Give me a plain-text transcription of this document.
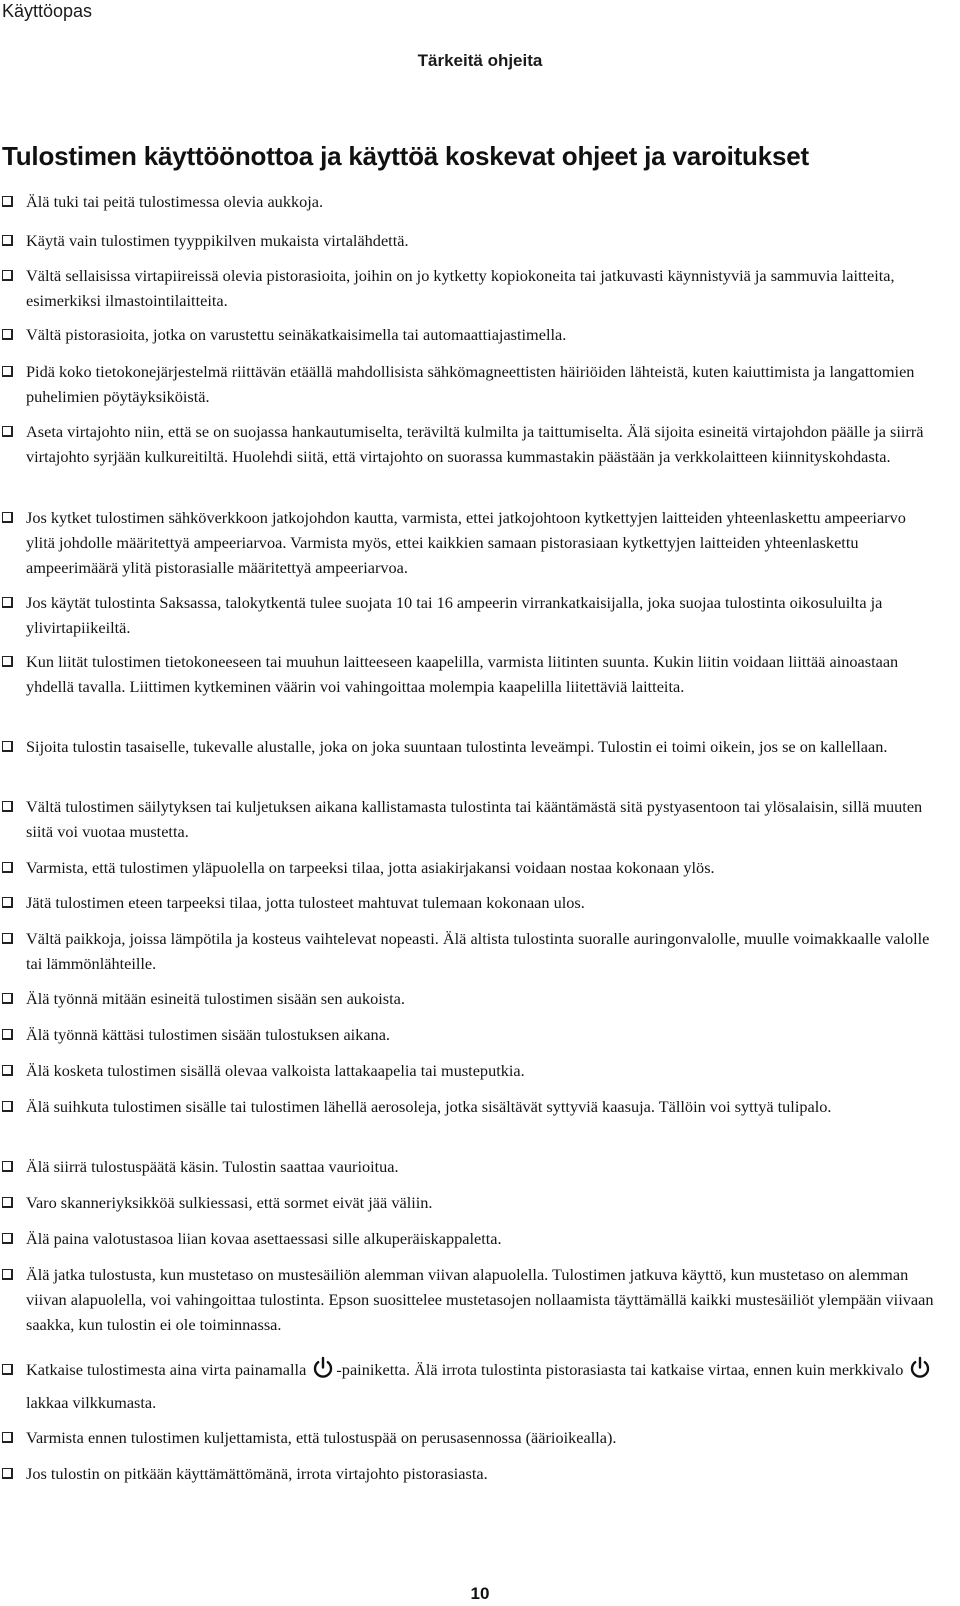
Käyttöopas
Tärkeitä ohjeita
Tulostimen käyttöönottoa ja käyttöä koskevat ohjeet ja varoitukset
Älä tuki tai peitä tulostimessa olevia aukkoja.
Käytä vain tulostimen tyyppikilven mukaista virtalähdettä.
Vältä sellaisissa virtapiireissä olevia pistorasioita, joihin on jo kytketty kopiokoneita tai jatkuvasti käynnistyviä ja sammuvia laitteita, esimerkiksi ilmastointilaitteita.
Vältä pistorasioita, jotka on varustettu seinäkatkaisimella tai automaattiajastimella.
Pidä koko tietokonejärjestelmä riittävän etäällä mahdollisista sähkömagneettisten häiriöiden lähteistä, kuten kaiuttimista ja langattomien puhelimien pöytäyksiköistä.
Aseta virtajohto niin, että se on suojassa hankautumiselta, teräviltä kulmilta ja taittumiselta. Älä sijoita esineitä virtajohdon päälle ja siirrä virtajohto syrjään kulkureitiltä. Huolehdi siitä, että virtajohto on suorassa kummastakin päästään ja verkkolaitteen kiinnityskohdasta.
Jos kytket tulostimen sähköverkkoon jatkojohdon kautta, varmista, ettei jatkojohtoon kytkettyjen laitteiden yhteenlaskettu ampeeriarvo ylitä johdolle määritettyä ampeeriarvoa. Varmista myös, ettei kaikkien samaan pistorasiaan kytkettyjen laitteiden yhteenlaskettu ampeerimäärä ylitä pistorasialle määritettyä ampeeriarvoa.
Jos käytät tulostinta Saksassa, talokytkentä tulee suojata 10 tai 16 ampeerin virrankatkaisijalla, joka suojaa tulostinta oikosuluilta ja ylivirtapiikeiltä.
Kun liität tulostimen tietokoneeseen tai muuhun laitteeseen kaapelilla, varmista liitinten suunta. Kukin liitin voidaan liittää ainoastaan yhdellä tavalla. Liittimen kytkeminen väärin voi vahingoittaa molempia kaapelilla liitettäviä laitteita.
Sijoita tulostin tasaiselle, tukevalle alustalle, joka on joka suuntaan tulostinta leveämpi. Tulostin ei toimi oikein, jos se on kallellaan.
Vältä tulostimen säilytyksen tai kuljetuksen aikana kallistamasta tulostinta tai kääntämästä sitä pystyasentoon tai ylösalaisin, sillä muuten siitä voi vuotaa mustetta.
Varmista, että tulostimen yläpuolella on tarpeeksi tilaa, jotta asiakirjakansi voidaan nostaa kokonaan ylös.
Jätä tulostimen eteen tarpeeksi tilaa, jotta tulosteet mahtuvat tulemaan kokonaan ulos.
Vältä paikkoja, joissa lämpötila ja kosteus vaihtelevat nopeasti. Älä altista tulostinta suoralle auringonvalolle, muulle voimakkaalle valolle tai lämmönlähteille.
Älä työnnä mitään esineitä tulostimen sisään sen aukoista.
Älä työnnä kättäsi tulostimen sisään tulostuksen aikana.
Älä kosketa tulostimen sisällä olevaa valkoista lattakaapelia tai musteputkia.
Älä suihkuta tulostimen sisälle tai tulostimen lähellä aerosoleja, jotka sisältävät syttyviä kaasuja. Tällöin voi syttyä tulipalo.
Älä siirrä tulostuspäätä käsin. Tulostin saattaa vaurioitua.
Varo skanneriyksikköä sulkiessasi, että sormet eivät jää väliin.
Älä paina valotustasoa liian kovaa asettaessasi sille alkuperäiskappaletta.
Älä jatka tulostusta, kun mustetaso on mustesäiliön alemman viivan alapuolella. Tulostimen jatkuva käyttö, kun mustetaso on alemman viivan alapuolella, voi vahingoittaa tulostinta. Epson suosittelee mustetasojen nollaamista täyttämällä kaikki mustesäiliöt ylempään viivaan saakka, kun tulostin ei ole toiminnassa.
Katkaise tulostimesta aina virta painamalla -painiketta. Älä irrota tulostinta pistorasiasta tai katkaise virtaa, ennen kuin merkkivalo  lakkaa vilkkumasta.
Varmista ennen tulostimen kuljettamista, että tulostuspää on perusasennossa (äärioikealla).
Jos tulostin on pitkään käyttämättömänä, irrota virtajohto pistorasiasta.
10
